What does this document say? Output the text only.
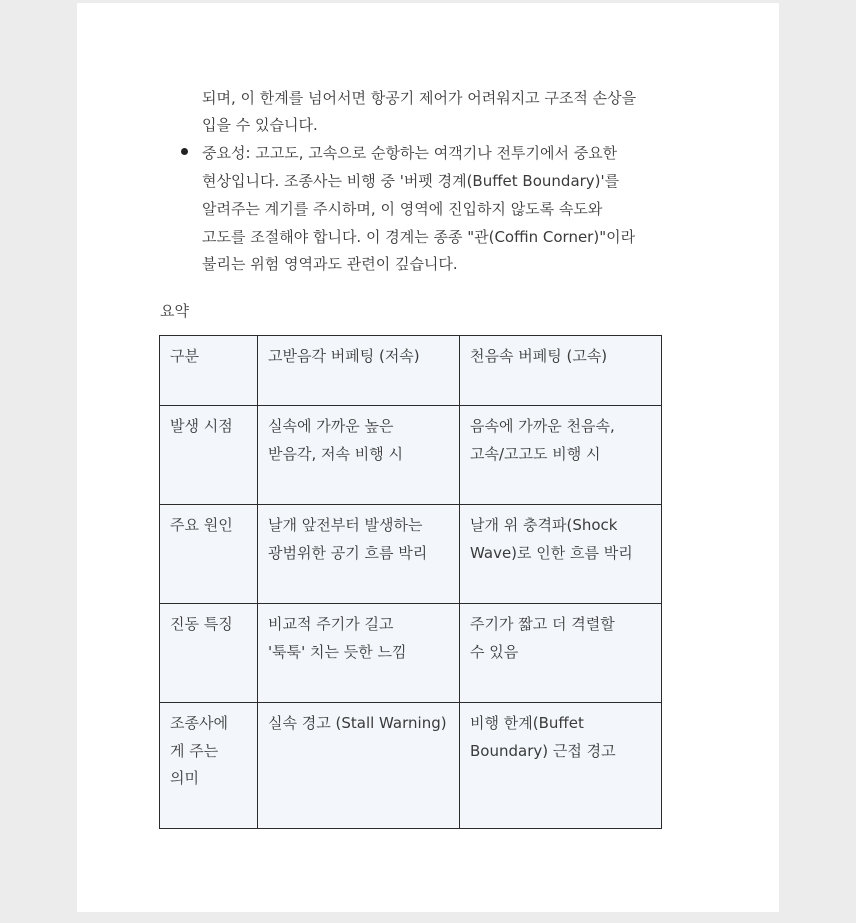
되며, 이 한계를 넘어서면 항공기 제어가 어려워지고 구조적 손상을
입을 수 있습니다.
중요성: 고고도, 고속으로 순항하는 여객기나 전투기에서 중요한
현상입니다. 조종사는 비행 중 '버펫 경계(Buffet Boundary)'를
알려주는 계기를 주시하며, 이 영역에 진입하지 않도록 속도와
고도를 조절해야 합니다. 이 경계는 종종 "관(Coffin Corner)"이라
불리는 위험 영역과도 관련이 깊습니다.
요약
구분	고받음각 버페팅 (저속)	천음속 버페팅 (고속)

발생 시점	실속에 가까운 높은
받음각, 저속 비행 시	음속에 가까운 천음속,
고속/고고도 비행 시

주요 원인	날개 앞전부터 발생하는
광범위한 공기 흐름 박리	날개 위 충격파(Shock
Wave)로 인한 흐름 박리

진동 특징	비교적 주기가 길고
'툭툭' 치는 듯한 느낌	주기가 짧고 더 격렬할
수 있음

조종사에
게 주는
의미	실속 경고 (Stall Warning)	비행 한계(Buffet
Boundary) 근접 경고
